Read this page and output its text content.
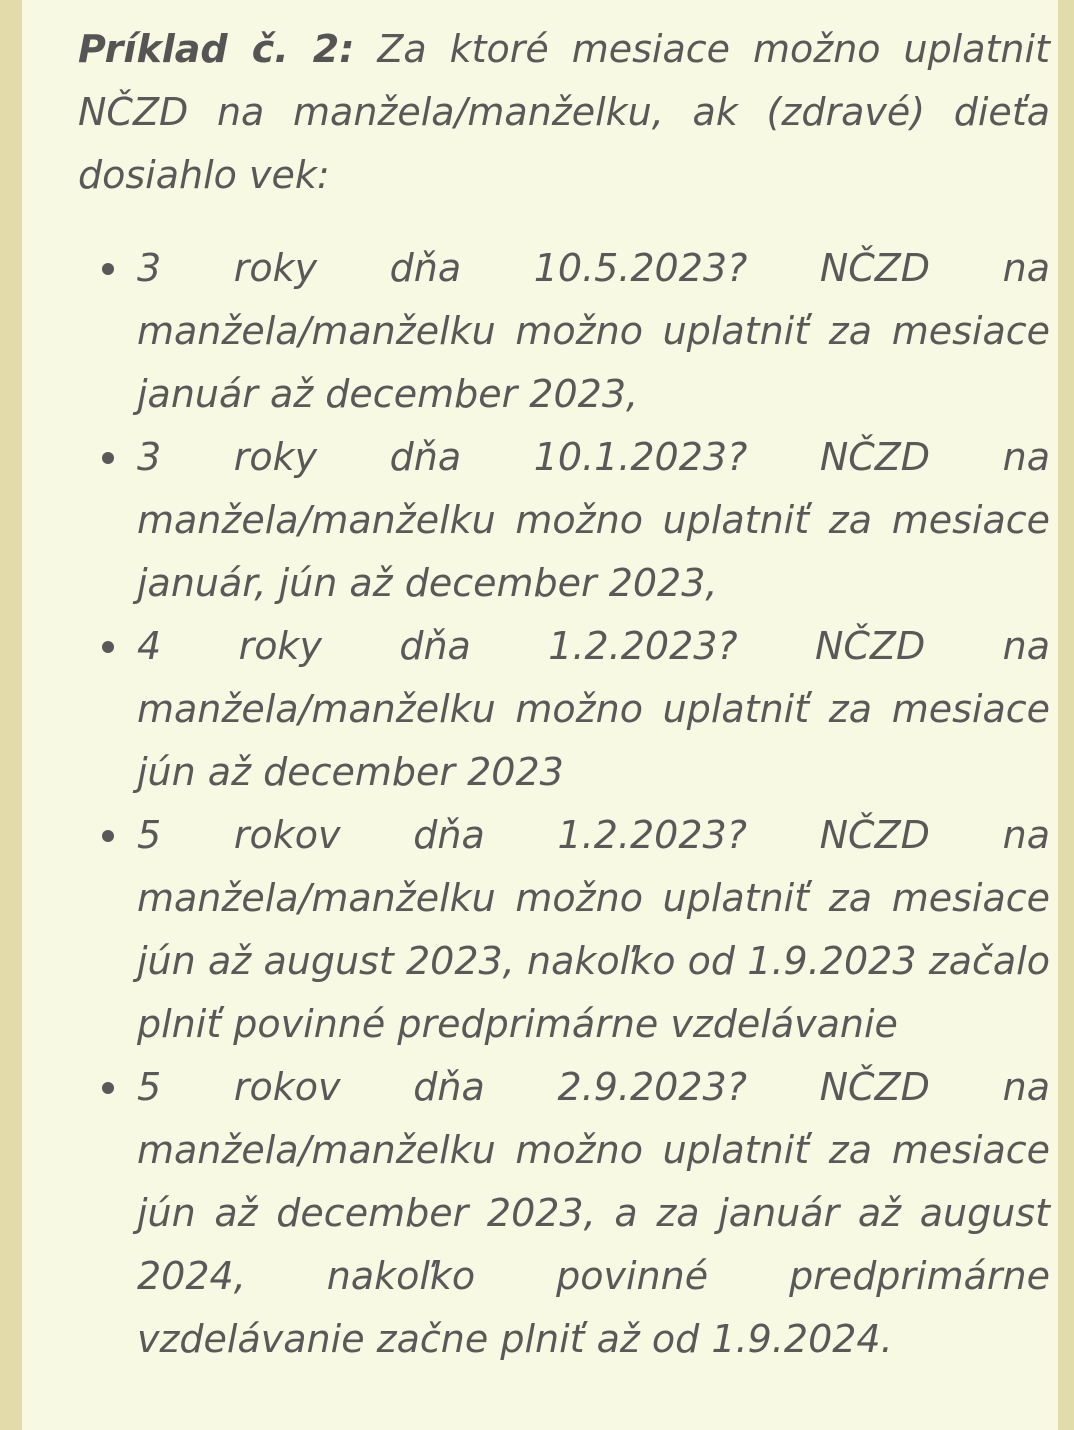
Príklad č. 2: Za ktoré mesiace možno uplatnit NČZD na manžela/manželku, ak (zdravé) dieťa dosiahlo vek:

3 roky dňa 10.5.2023? NČZD na manžela/manželku možno uplatniť za mesiace január až december 2023,
3 roky dňa 10.1.2023? NČZD na manžela/manželku možno uplatniť za mesiace január, jún až december 2023,
4 roky dňa 1.2.2023? NČZD na manžela/manželku možno uplatniť za mesiace jún až december 2023
5 rokov dňa 1.2.2023? NČZD na manžela/manželku možno uplatniť za mesiace jún až august 2023, nakoľko od 1.9.2023 začalo plniť povinné predprimárne vzdelávanie
5 rokov dňa 2.9.2023? NČZD na manžela/manželku možno uplatniť za mesiace jún až december 2023, a za január až august 2024, nakoľko povinné predprimárne vzdelávanie začne plniť až od 1.9.2024.
